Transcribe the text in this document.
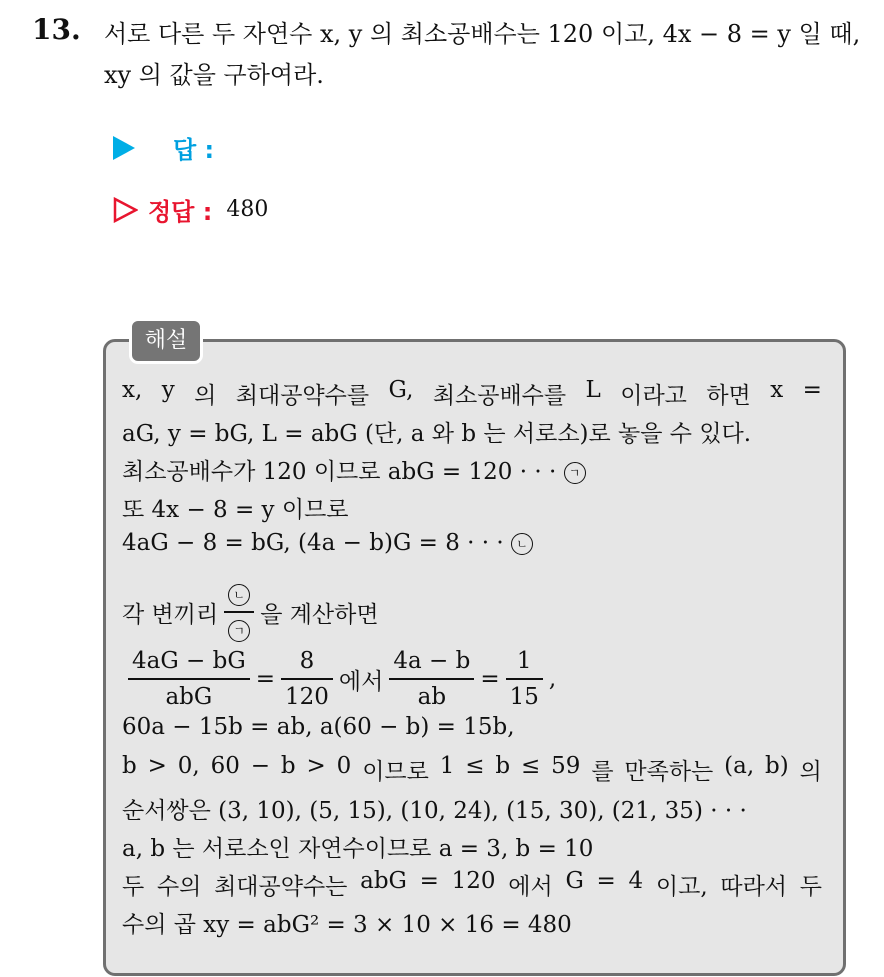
13. 서로 다른 두 자연수 x, y 의 최소공배수는 120 이고, 4x − 8 = y 일 때,
xy 의 값을 구하여라.
답 :
정답 : 480
해설
x, y 의 최대공약수를 G, 최소공배수를 L 이라고 하면 x =
aG, y = bG, L = abG (단, a 와 b 는 서로소)로 놓을 수 있다.
최소공배수가 120 이므로 abG = 120 · · · ㄱ
또 4x − 8 = y 이므로
4aG − 8 = bG, (4a − b)G = 8 · · · ㄴ
각 변끼리 $\frac{\text{ㄴ}}{\text{ㄱ}}$ 을 계산하면
$\frac{4aG - bG}{\text{abG}} = \frac{8}{120}$ 에서 $\frac{4a - b}{ab} = \frac{1}{15}$ ,
60a − 15b = ab, a(60 − b) = 15b,
b > 0, 60 − b > 0 이므로 1 ≤ b ≤ 59 를 만족하는 (a, b) 의
순서쌍은 (3, 10), (5, 15), (10, 24), (15, 30), (21, 35) · · ·
a, b 는 서로소인 자연수이므로 a = 3, b = 10
두 수의 최대공약수는 abG = 120 에서 G = 4 이고, 따라서 두
수의 곱 xy = abG² = 3 × 10 × 16 = 480
